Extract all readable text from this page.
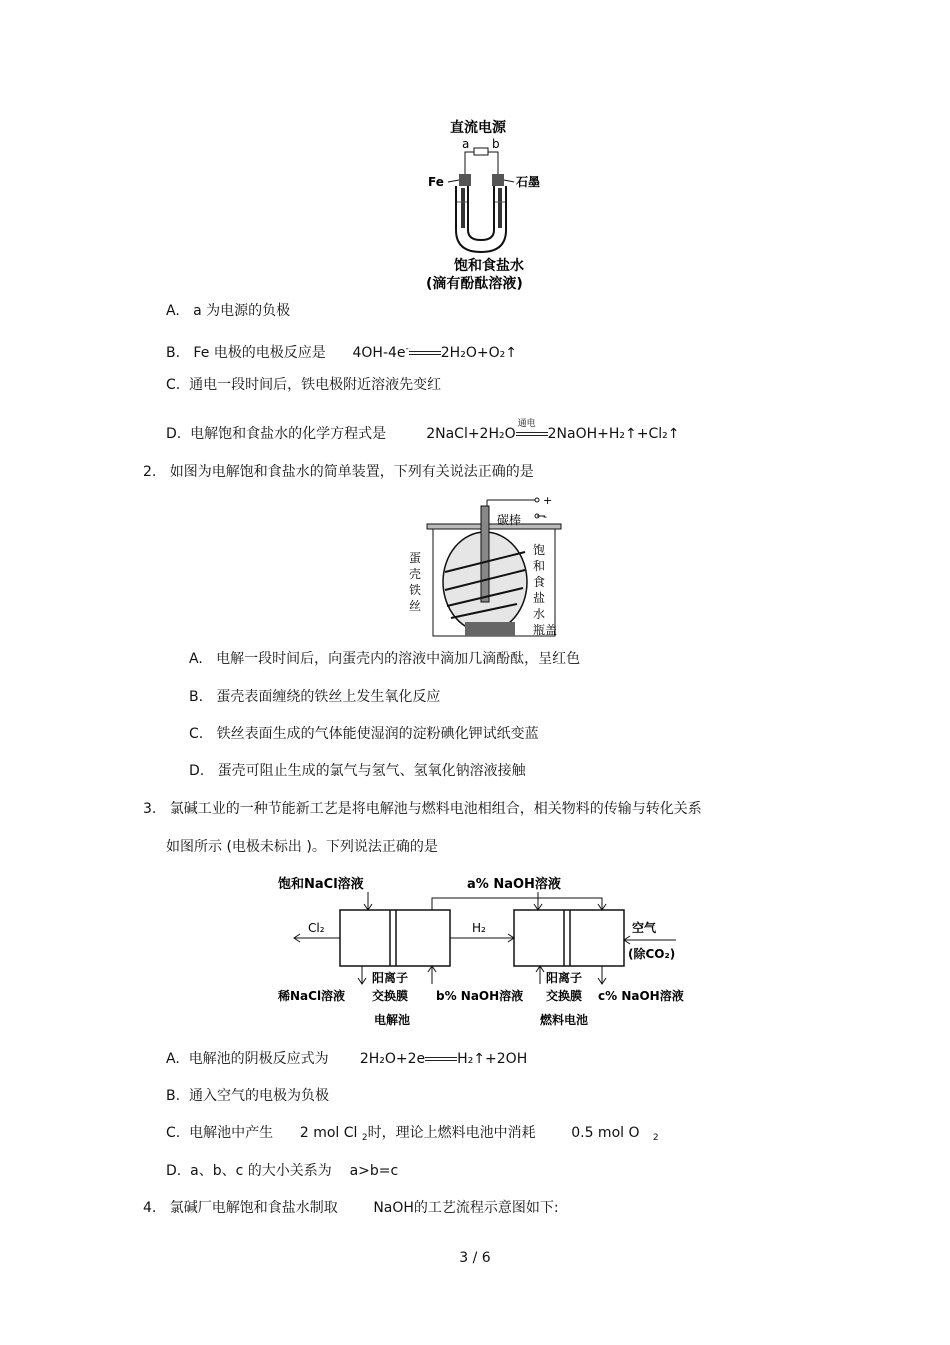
直流电源
a b
Fe	石墨
饱和食盐水
(滴有酚酞溶液)
A. a 为电源的负极
B. Fe 电极的电极反应是 4OH-4e- 2H₂O+O₂↑
C. 通电一段时间后，铁电极附近溶液先变红
D. 电解饱和食盐水的化学方程式是	2NaCl+2H₂O
通电
2NaOH+H₂↑+Cl₂↑
2. 如图为电解饱和食盐水的简单装置，下列有关说法正确的是
+
-
碳棒
蛋
壳
铁
丝
饱
和
食
盐
水
瓶盖
A. 电解一段时间后，向蛋壳内的溶液中滴加几滴酚酞，呈红色
B. 蛋壳表面缠绕的铁丝上发生氧化反应
C. 铁丝表面生成的气体能使湿润的淀粉碘化钾试纸变蓝
D. 蛋壳可阻止生成的氯气与氢气、氢氧化钠溶液接触
3. 氯碱工业的一种节能新工艺是将电解池与燃料电池相组合，相关物料的传输与转化关系
如图所示 (电极未标出 )。下列说法正确的是
饱和NaCl溶液	a% NaOH溶液
Cl₂	H₂	空气
(除CO₂)
阳离子	阳离子
稀NaCl溶液 交换膜 b% NaOH溶液 交换膜 c% NaOH溶液
电解池	燃料电池
A. 电解池的阴极反应式为 2H₂O+2e H₂↑+2OH
B. 通入空气的电极为负极
C. 电解池中产生 2 mol Cl $_2$时，理论上燃料电池中消耗	0.5 mol O $_2$
D. a、b、c 的大小关系为 a>b=c
4. 氯碱厂电解饱和食盐水制取	NaOH的工艺流程示意图如下:
3 / 6
